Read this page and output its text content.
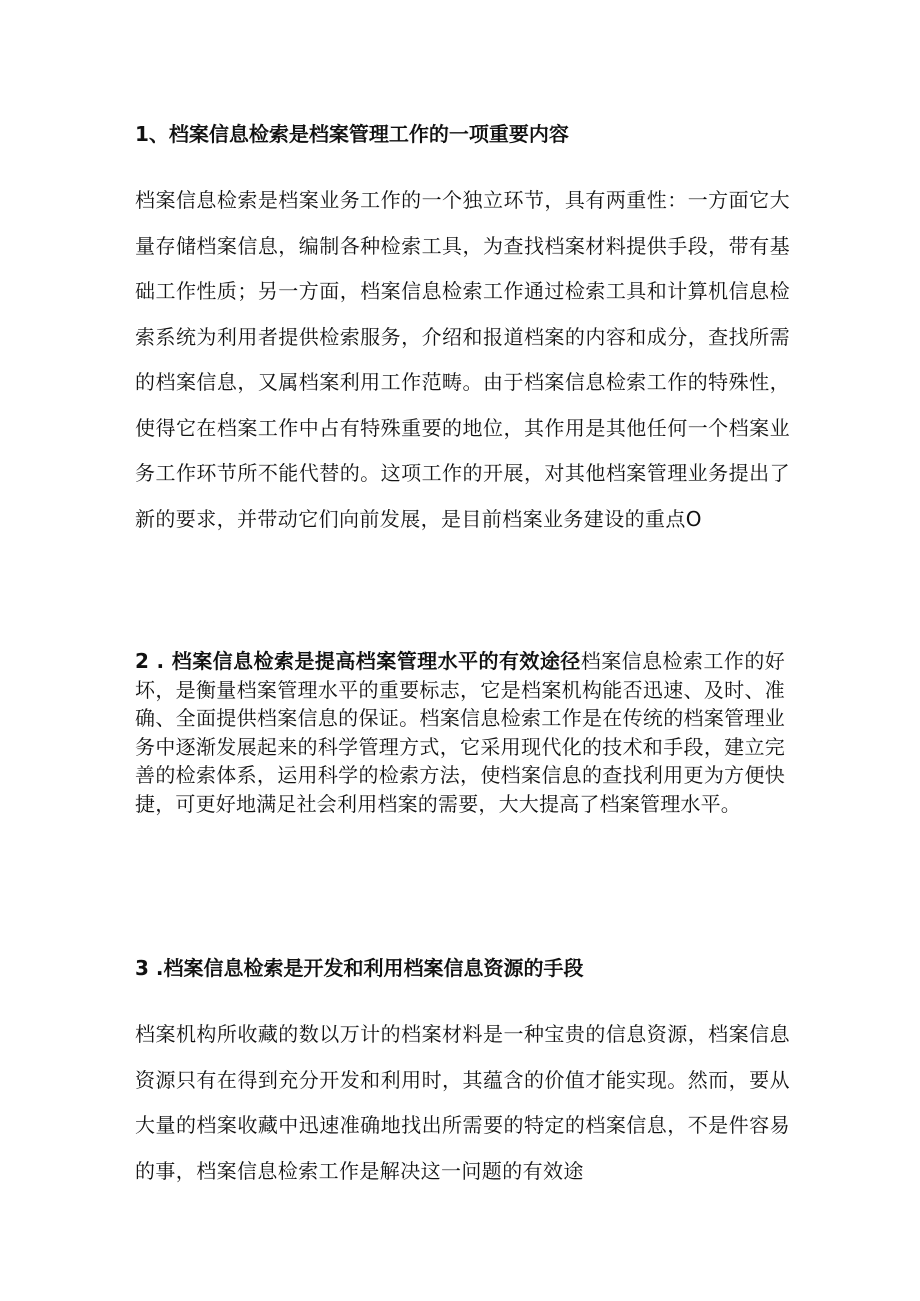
1、档案信息检索是档案管理工作的一项重要内容
档案信息检索是档案业务工作的一个独立环节，具有两重性：一方面它大量存储档案信息，编制各种检索工具，为查找档案材料提供手段，带有基础工作性质；另一方面，档案信息检索工作通过检索工具和计算机信息检索系统为利用者提供检索服务，介绍和报道档案的内容和成分，查找所需的档案信息，又属档案利用工作范畴。由于档案信息检索工作的特殊性，使得它在档案工作中占有特殊重要的地位，其作用是其他任何一个档案业务工作环节所不能代替的。这项工作的开展，对其他档案管理业务提出了新的要求，并带动它们向前发展，是目前档案业务建设的重点O
2 . 档案信息检索是提高档案管理水平的有效途径档案信息检索工作的好坏，是衡量档案管理水平的重要标志，它是档案机构能否迅速、及时、准确、全面提供档案信息的保证。档案信息检索工作是在传统的档案管理业务中逐渐发展起来的科学管理方式，它采用现代化的技术和手段，建立完善的检索体系，运用科学的检索方法，使档案信息的查找利用更为方便快捷，可更好地满足社会利用档案的需要，大大提高了档案管理水平。
3 .档案信息检索是开发和利用档案信息资源的手段
档案机构所收藏的数以万计的档案材料是一种宝贵的信息资源，档案信息资源只有在得到充分开发和利用时，其蕴含的价值才能实现。然而，要从大量的档案收藏中迅速准确地找出所需要的特定的档案信息，不是件容易的事，档案信息检索工作是解决这一问题的有效途
